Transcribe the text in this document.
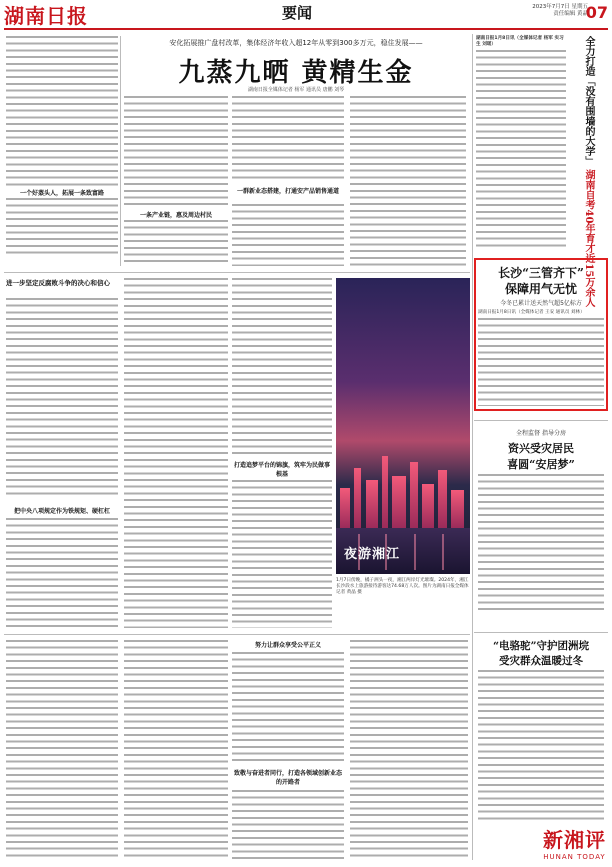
湖南日报	要闻	2023年7月7日 星期五
责任编辑 黄晶
07
一个好蒸头人，拓展一条致富路
安化拓展推广盘村改革，集体经济年收入超12年从零到300多万元，稳住发展——
九蒸九晒 黄精生金
湖南日报全媒体记者 杨军 通讯员 唐鹏 刘琴
一条产业链，惠及周边村民
一群新业态搭建，打通安产品销售通道
进一步坚定反腐败斗争的决心和信心
把中央八项规定作为铁规矩、硬杠杠
打造追梦平台的锦旗，筑牢为民做事根基
夜游湘江
1月7日傍晚，橘子洲头一夜，湘江两岸灯光璀璨。2024年，湘江长沙段水上旅游接待游客达74.68万人次。图片为湖南日报全媒体记者 黄晶 摄
努力让群众享受公平正义
致敬与奋进者同行，打造各领域创新业态的开路者
全力打造「没有围墙的大学」 湖南自考40年育才近15万余人
湖南日报1月8日讯（全媒体记者 杨军 实习生 刘瑶）
长沙“三管齐下”
保障用气无忧
今冬已累计送天然气超5亿标方
湖南日报1月8日讯（全媒体记者 王安 通讯员 刘林）
全程监督 指导分房
资兴受灾居民
喜圆“安居梦”
“电骆驼”守护团洲垸
受灾群众温暖过冬
新湘评
HUNAN TODAY
